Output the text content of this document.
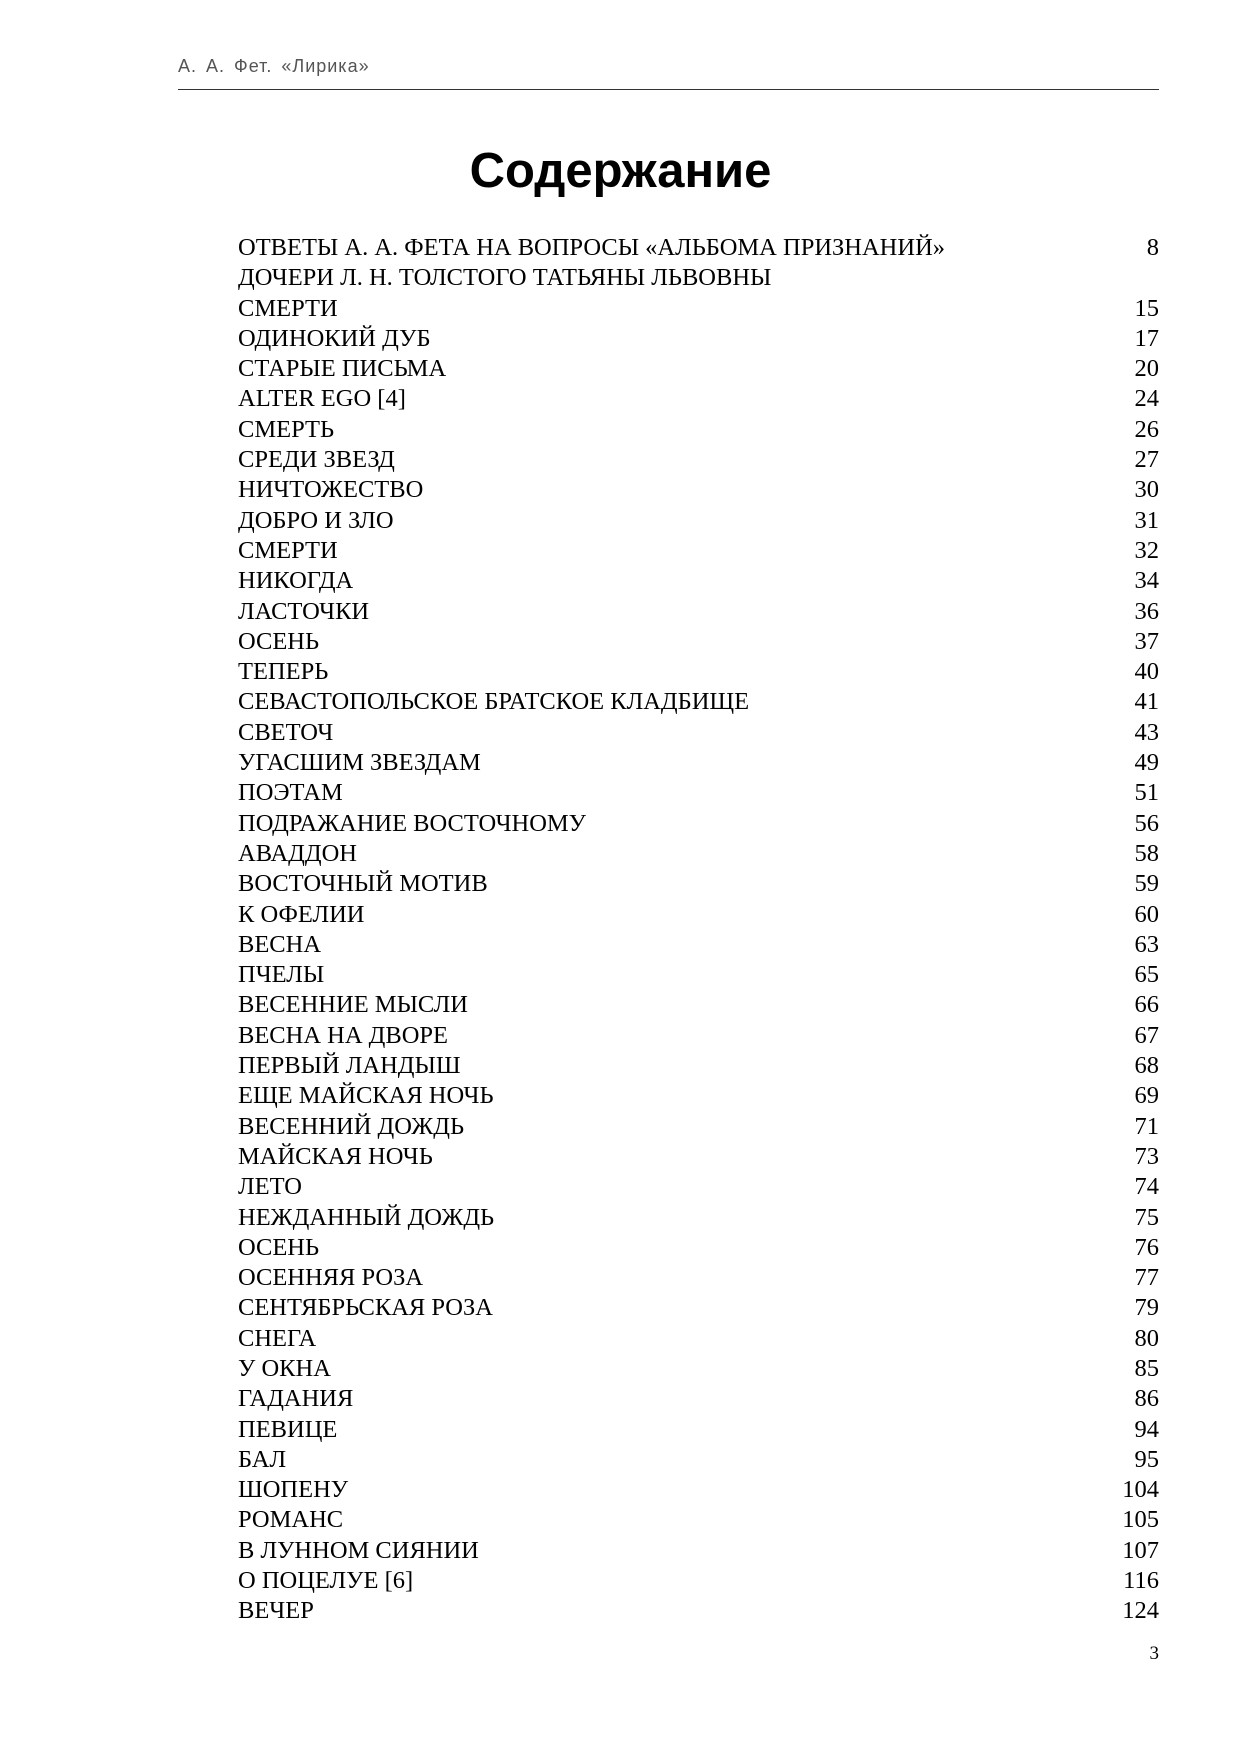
А. А. Фет. «Лирика»
Содержание
ОТВЕТЫ А. А. ФЕТА НА ВОПРОСЫ «АЛЬБОМА ПРИЗНАНИЙ»	8
ДОЧЕРИ Л. Н. ТОЛСТОГО ТАТЬЯНЫ ЛЬВОВНЫ
СМЕРТИ	15
ОДИНОКИЙ ДУБ	17
СТАРЫЕ ПИСЬМА	20
ALTER EGO [4]	24
СМЕРТЬ	26
СРЕДИ ЗВЕЗД	27
НИЧТОЖЕСТВО	30
ДОБРО И ЗЛО	31
СМЕРТИ	32
НИКОГДА	34
ЛАСТОЧКИ	36
ОСЕНЬ	37
ТЕПЕРЬ	40
СЕВАСТОПОЛЬСКОЕ БРАТСКОЕ КЛАДБИЩЕ	41
СВЕТОЧ	43
УГАСШИМ ЗВЕЗДАМ	49
ПОЭТАМ	51
ПОДРАЖАНИЕ ВОСТОЧНОМУ	56
АВАДДОН	58
ВОСТОЧНЫЙ МОТИВ	59
К ОФЕЛИИ	60
ВЕСНА	63
ПЧЕЛЫ	65
ВЕСЕННИЕ МЫСЛИ	66
ВЕСНА НА ДВОРЕ	67
ПЕРВЫЙ ЛАНДЫШ	68
ЕЩЕ МАЙСКАЯ НОЧЬ	69
ВЕСЕННИЙ ДОЖДЬ	71
МАЙСКАЯ НОЧЬ	73
ЛЕТО	74
НЕЖДАННЫЙ ДОЖДЬ	75
ОСЕНЬ	76
ОСЕННЯЯ РОЗА	77
СЕНТЯБРЬСКАЯ РОЗА	79
СНЕГА	80
У ОКНА	85
ГАДАНИЯ	86
ПЕВИЦЕ	94
БАЛ	95
ШОПЕНУ	104
РОМАНС	105
В ЛУННОМ СИЯНИИ	107
О ПОЦЕЛУЕ [6]	116
ВЕЧЕР	124
3
